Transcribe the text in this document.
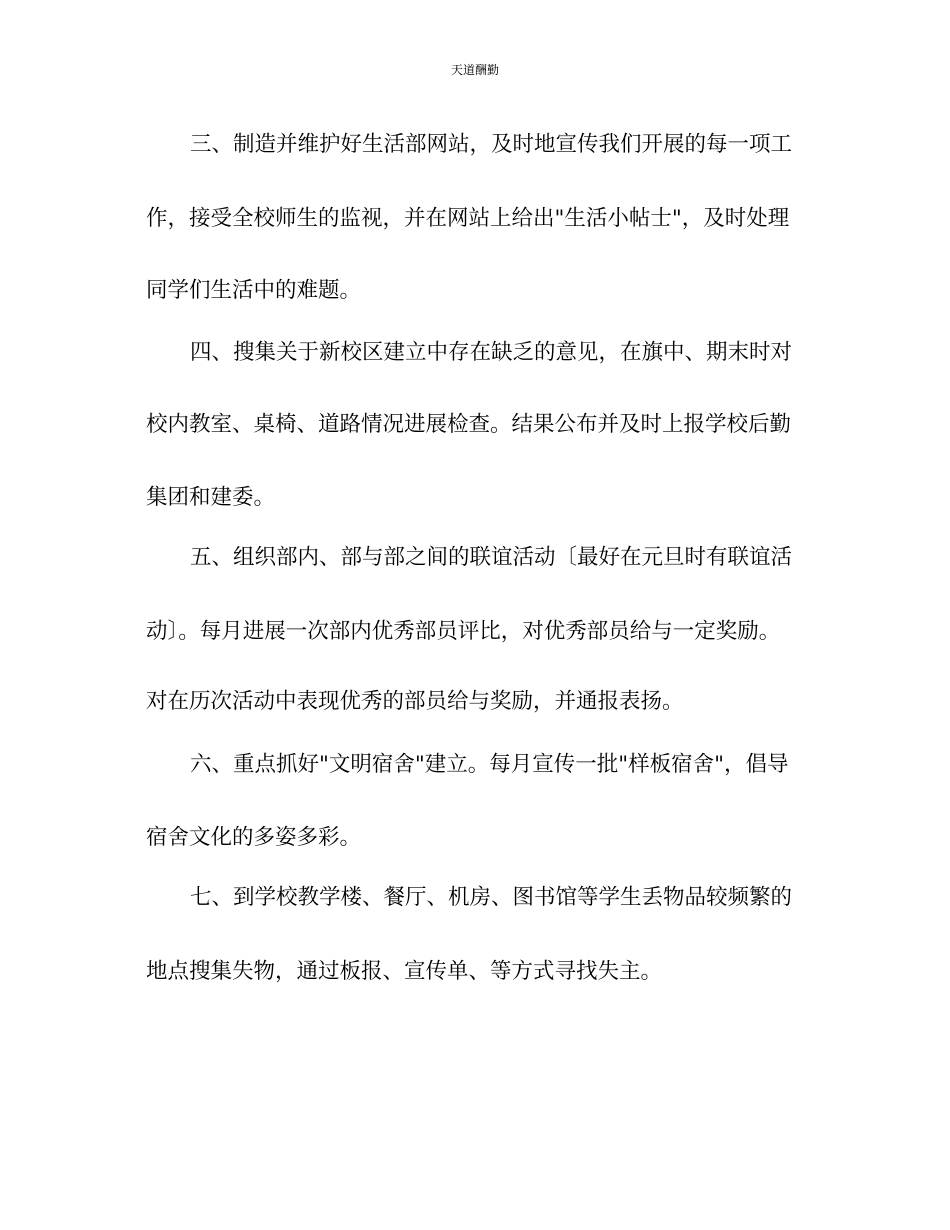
天道酬勤
三、制造并维护好生活部网站，及时地宣传我们开展的每一项工
作，接受全校师生的监视，并在网站上给出"生活小帖士"，及时处理
同学们生活中的难题。
四、搜集关于新校区建立中存在缺乏的意见，在旗中、期末时对
校内教室、桌椅、道路情况进展检查。结果公布并及时上报学校后勤
集团和建委。
五、组织部内、部与部之间的联谊活动〔最好在元旦时有联谊活
动〕。每月进展一次部内优秀部员评比，对优秀部员给与一定奖励。
对在历次活动中表现优秀的部员给与奖励，并通报表扬。
六、重点抓好"文明宿舍"建立。每月宣传一批"样板宿舍"，倡导
宿舍文化的多姿多彩。
七、到学校教学楼、餐厅、机房、图书馆等学生丢物品较频繁的
地点搜集失物，通过板报、宣传单、等方式寻找失主。
